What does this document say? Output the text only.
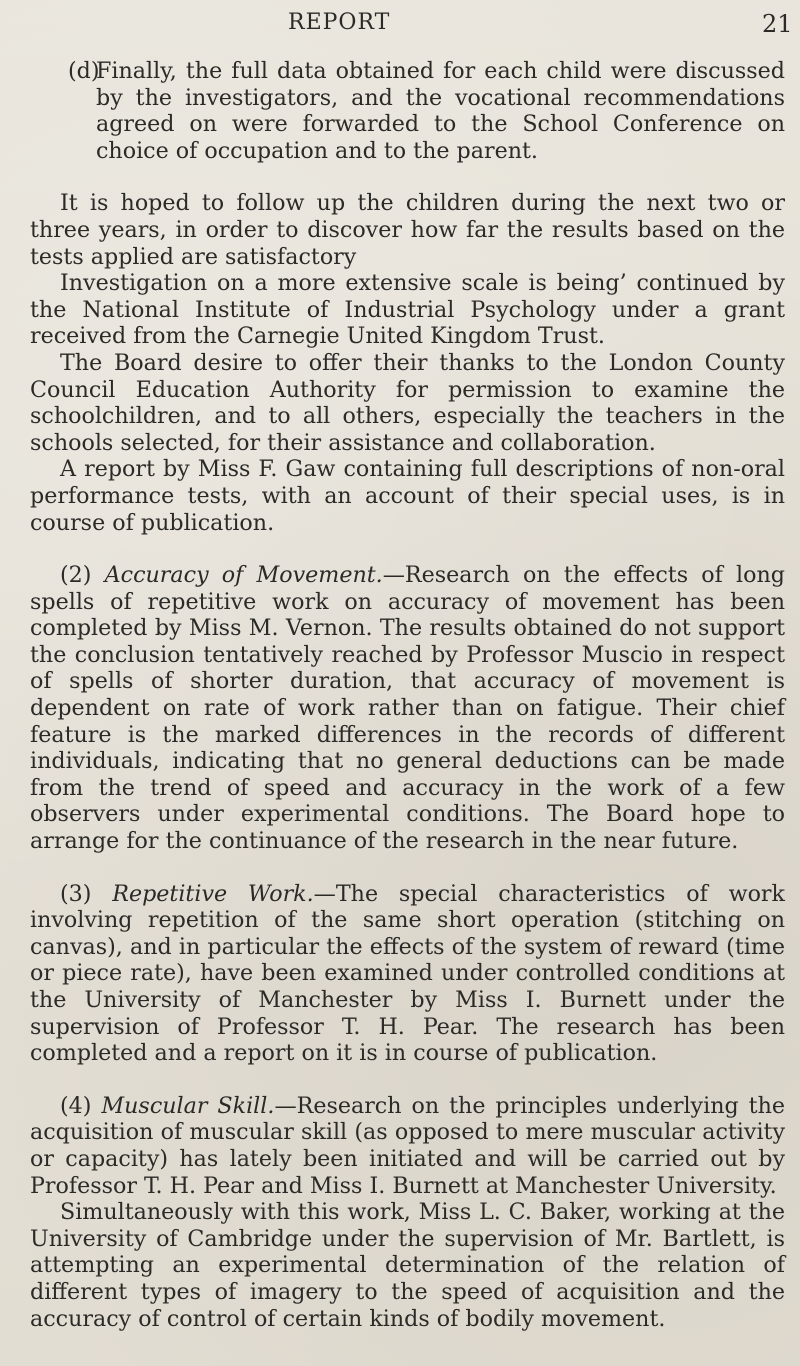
REPORT	21

(d)
Finally, the full data obtained for each child were discussed by the investigators, and the vocational recommendations agreed on were forwarded to the School Conference on choice of occupation and to the parent.

It is hoped to follow up the children during the next two or three years, in order to discover how far the results based on the tests applied are satisfactory

Investigation on a more extensive scale is being’ continued by the National Institute of Industrial Psychology under a grant received from the Carnegie United Kingdom Trust.

The Board desire to offer their thanks to the London County Council Education Authority for permission to examine the schoolchildren, and to all others, especially the teachers in the schools selected, for their assistance and collaboration.

A report by Miss F. Gaw containing full descriptions of non-oral performance tests, with an account of their special uses, is in course of publication.

(2) Accuracy of Movement.—Research on the effects of long spells of repetitive work on accuracy of movement has been completed by Miss M. Vernon. The results obtained do not support the conclusion tentatively reached by Professor Muscio in respect of spells of shorter duration, that accuracy of movement is dependent on rate of work rather than on fatigue. Their chief feature is the marked differences in the records of different individuals, indicating that no general deductions can be made from the trend of speed and accuracy in the work of a few observers under experimental conditions. The Board hope to arrange for the continuance of the research in the near future.

(3) Repetitive Work.—The special characteristics of work involving repetition of the same short operation (stitching on canvas), and in particular the effects of the system of reward (time or piece rate), have been examined under controlled conditions at the University of Manchester by Miss I. Burnett under the supervision of Professor T. H. Pear. The research has been completed and a report on it is in course of publication.

(4) Muscular Skill.—Research on the principles underlying the acquisition of muscular skill (as opposed to mere muscular activity or capacity) has lately been initiated and will be carried out by Professor T. H. Pear and Miss I. Burnett at Manchester University.

Simultaneously with this work, Miss L. C. Baker, working at the University of Cambridge under the supervision of Mr. Bartlett, is attempting an experimental determination of the relation of different types of imagery to the speed of acquisition and the accuracy of control of certain kinds of bodily movement.
